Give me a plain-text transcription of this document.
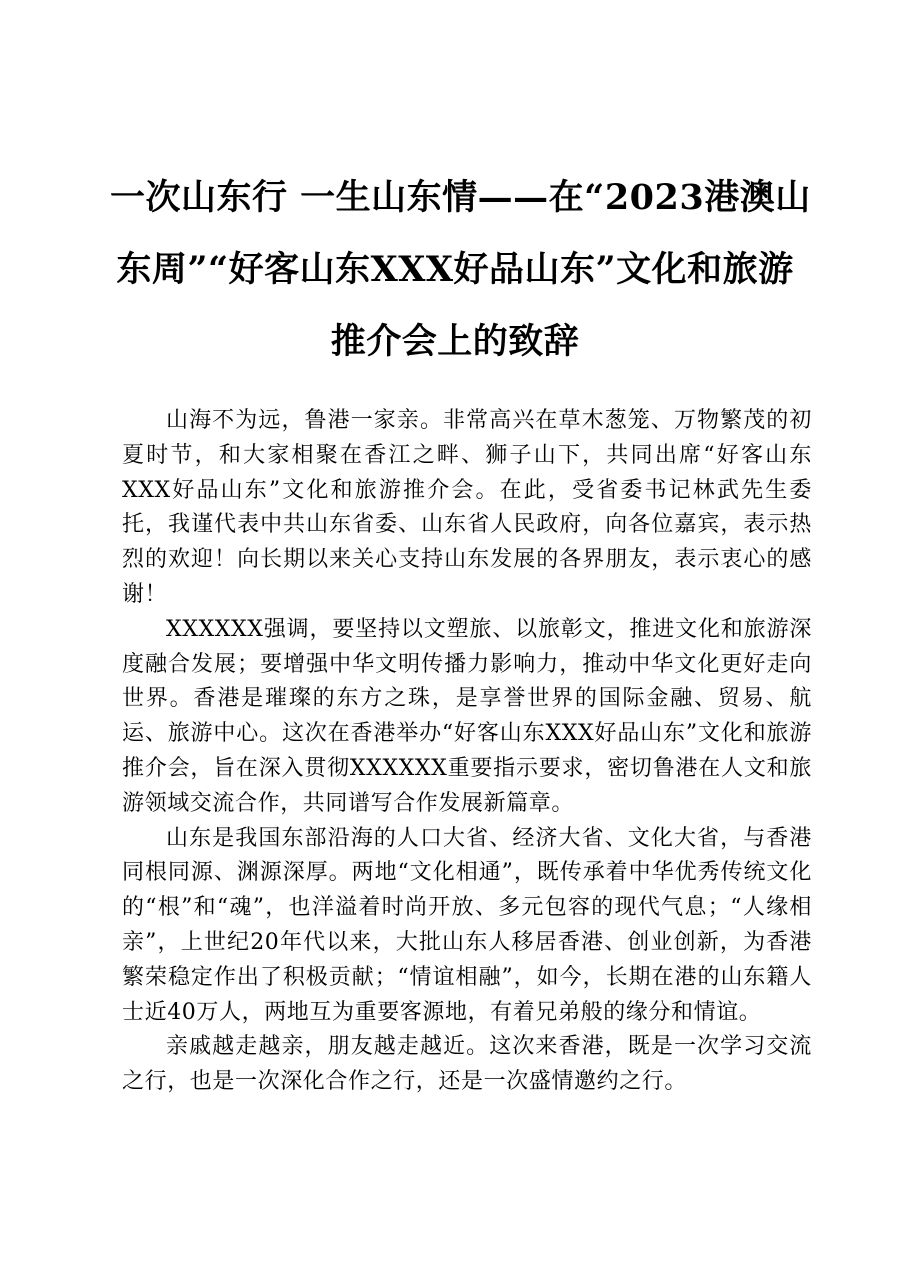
一次山东行 一生山东情——在“2023港澳山
东周”“好客山东XXX好品山东”文化和旅游
推介会上的致辞

山海不为远，鲁港一家亲。非常高兴在草木葱笼、万物繁茂的初夏时节，和大家相聚在香江之畔、狮子山下，共同出席“好客山东XXX好品山东”文化和旅游推介会。在此，受省委书记林武先生委托，我谨代表中共山东省委、山东省人民政府，向各位嘉宾，表示热烈的欢迎！向长期以来关心支持山东发展的各界朋友，表示衷心的感谢！

XXXXXX强调，要坚持以文塑旅、以旅彰文，推进文化和旅游深度融合发展；要增强中华文明传播力影响力，推动中华文化更好走向世界。香港是璀璨的东方之珠，是享誉世界的国际金融、贸易、航运、旅游中心。这次在香港举办“好客山东XXX好品山东”文化和旅游推介会，旨在深入贯彻XXXXXX重要指示要求，密切鲁港在人文和旅游领域交流合作，共同谱写合作发展新篇章。

山东是我国东部沿海的人口大省、经济大省、文化大省，与香港同根同源、渊源深厚。两地“文化相通”，既传承着中华优秀传统文化的“根”和“魂”，也洋溢着时尚开放、多元包容的现代气息；“人缘相亲”，上世纪20年代以来，大批山东人移居香港、创业创新，为香港繁荣稳定作出了积极贡献；“情谊相融”，如今，长期在港的山东籍人士近40万人，两地互为重要客源地，有着兄弟般的缘分和情谊。

亲戚越走越亲，朋友越走越近。这次来香港，既是一次学习交流之行，也是一次深化合作之行，还是一次盛情邀约之行。
